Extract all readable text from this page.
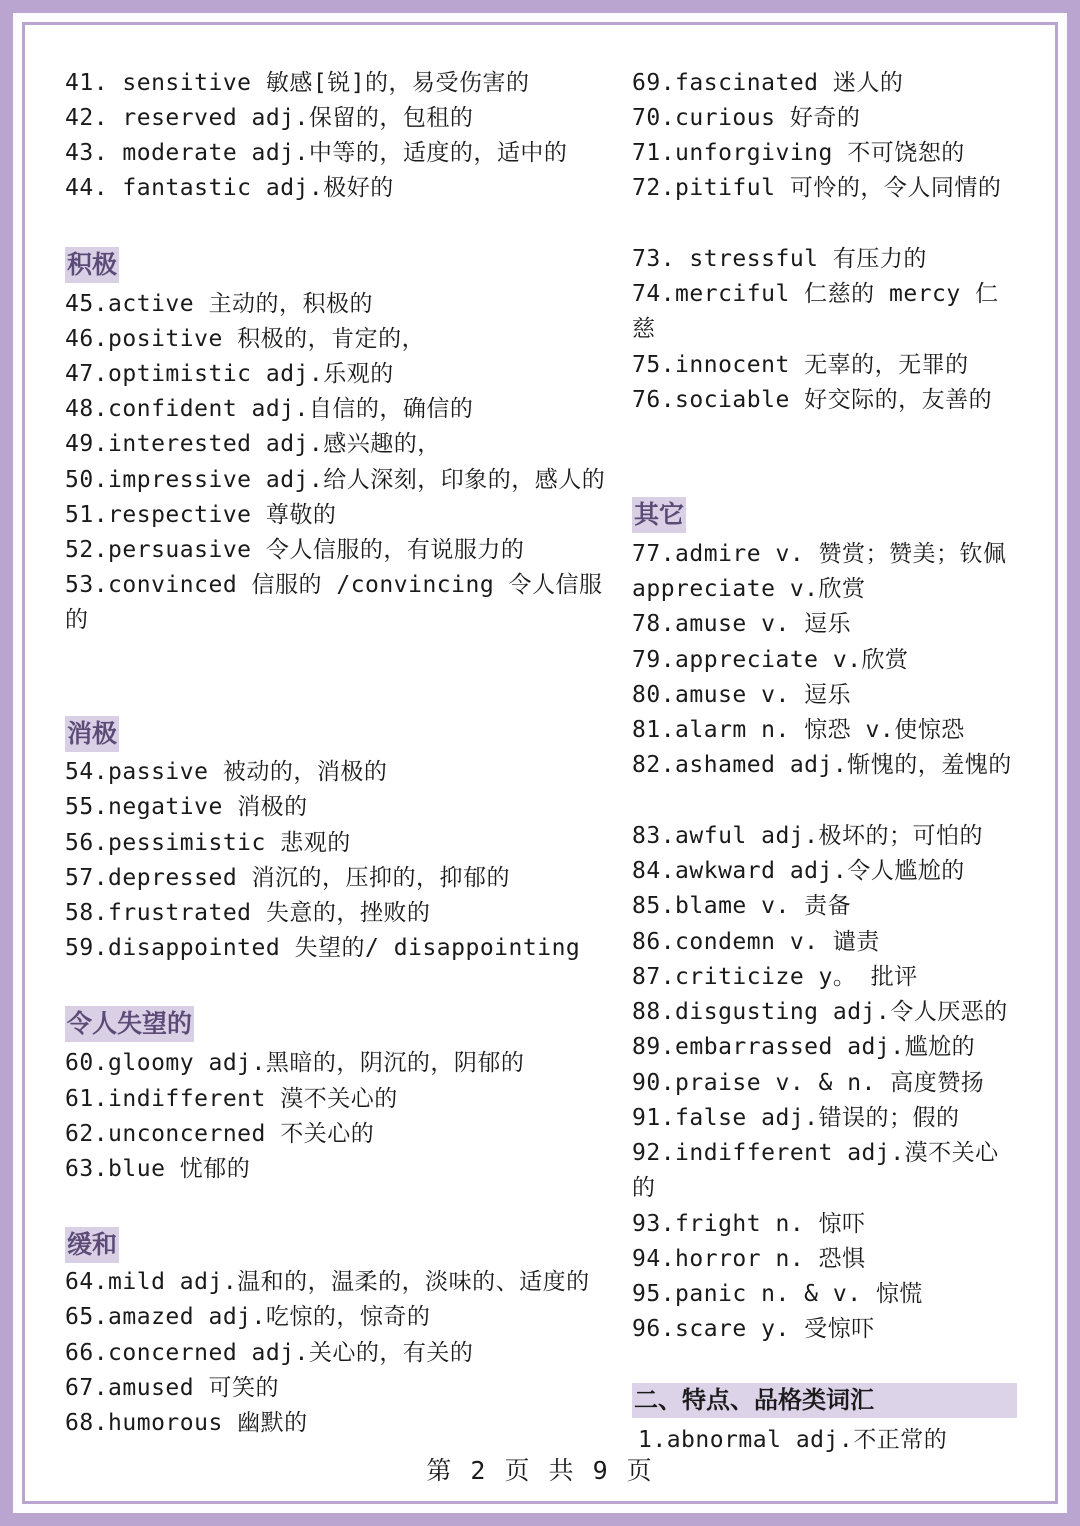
41. sensitive 敏感[锐]的，易受伤害的
42. reserved adj.保留的，包租的
43. moderate adj.中等的，适度的，适中的
44. fantastic adj.极好的
积极
45.active 主动的，积极的
46.positive 积极的，肯定的，
47.optimistic adj.乐观的
48.confident adj.自信的，确信的
49.interested adj.感兴趣的，
50.impressive adj.给人深刻，印象的，感人的
51.respective 尊敬的
52.persuasive 令人信服的，有说服力的
53.convinced 信服的 /convincing 令人信服的
消极
54.passive 被动的，消极的
55.negative 消极的
56.pessimistic 悲观的
57.depressed 消沉的，压抑的，抑郁的
58.frustrated 失意的，挫败的
59.disappointed 失望的/ disappointing
令人失望的
60.gloomy adj.黑暗的，阴沉的，阴郁的
61.indifferent 漠不关心的
62.unconcerned 不关心的
63.blue 忧郁的
缓和
64.mild adj.温和的，温柔的，淡味的、适度的
65.amazed adj.吃惊的，惊奇的
66.concerned adj.关心的，有关的
67.amused 可笑的
68.humorous 幽默的
69.fascinated 迷人的
70.curious 好奇的
71.unforgiving 不可饶恕的
72.pitiful 可怜的，令人同情的
73. stressful 有压力的
74.merciful 仁慈的 mercy 仁慈
75.innocent 无辜的，无罪的
76.sociable 好交际的，友善的
其它
77.admire v. 赞赏；赞美；钦佩 appreciate v.欣赏
78.amuse v. 逗乐
79.appreciate v.欣赏
80.amuse v. 逗乐
81.alarm n. 惊恐 v.使惊恐
82.ashamed adj.惭愧的，羞愧的
83.awful adj.极坏的；可怕的
84.awkward adj.令人尴尬的
85.blame v. 责备
86.condemn v. 谴责
87.criticize y。 批评
88.disgusting adj.令人厌恶的
89.embarrassed adj.尴尬的
90.praise v. & n. 高度赞扬
91.false adj.错误的；假的
92.indifferent adj.漠不关心的
93.fright n. 惊吓
94.horror n. 恐惧
95.panic n. & v. 惊慌
96.scare y. 受惊吓
二、特点、品格类词汇
1.abnormal adj.不正常的
第 2 页 共 9 页
